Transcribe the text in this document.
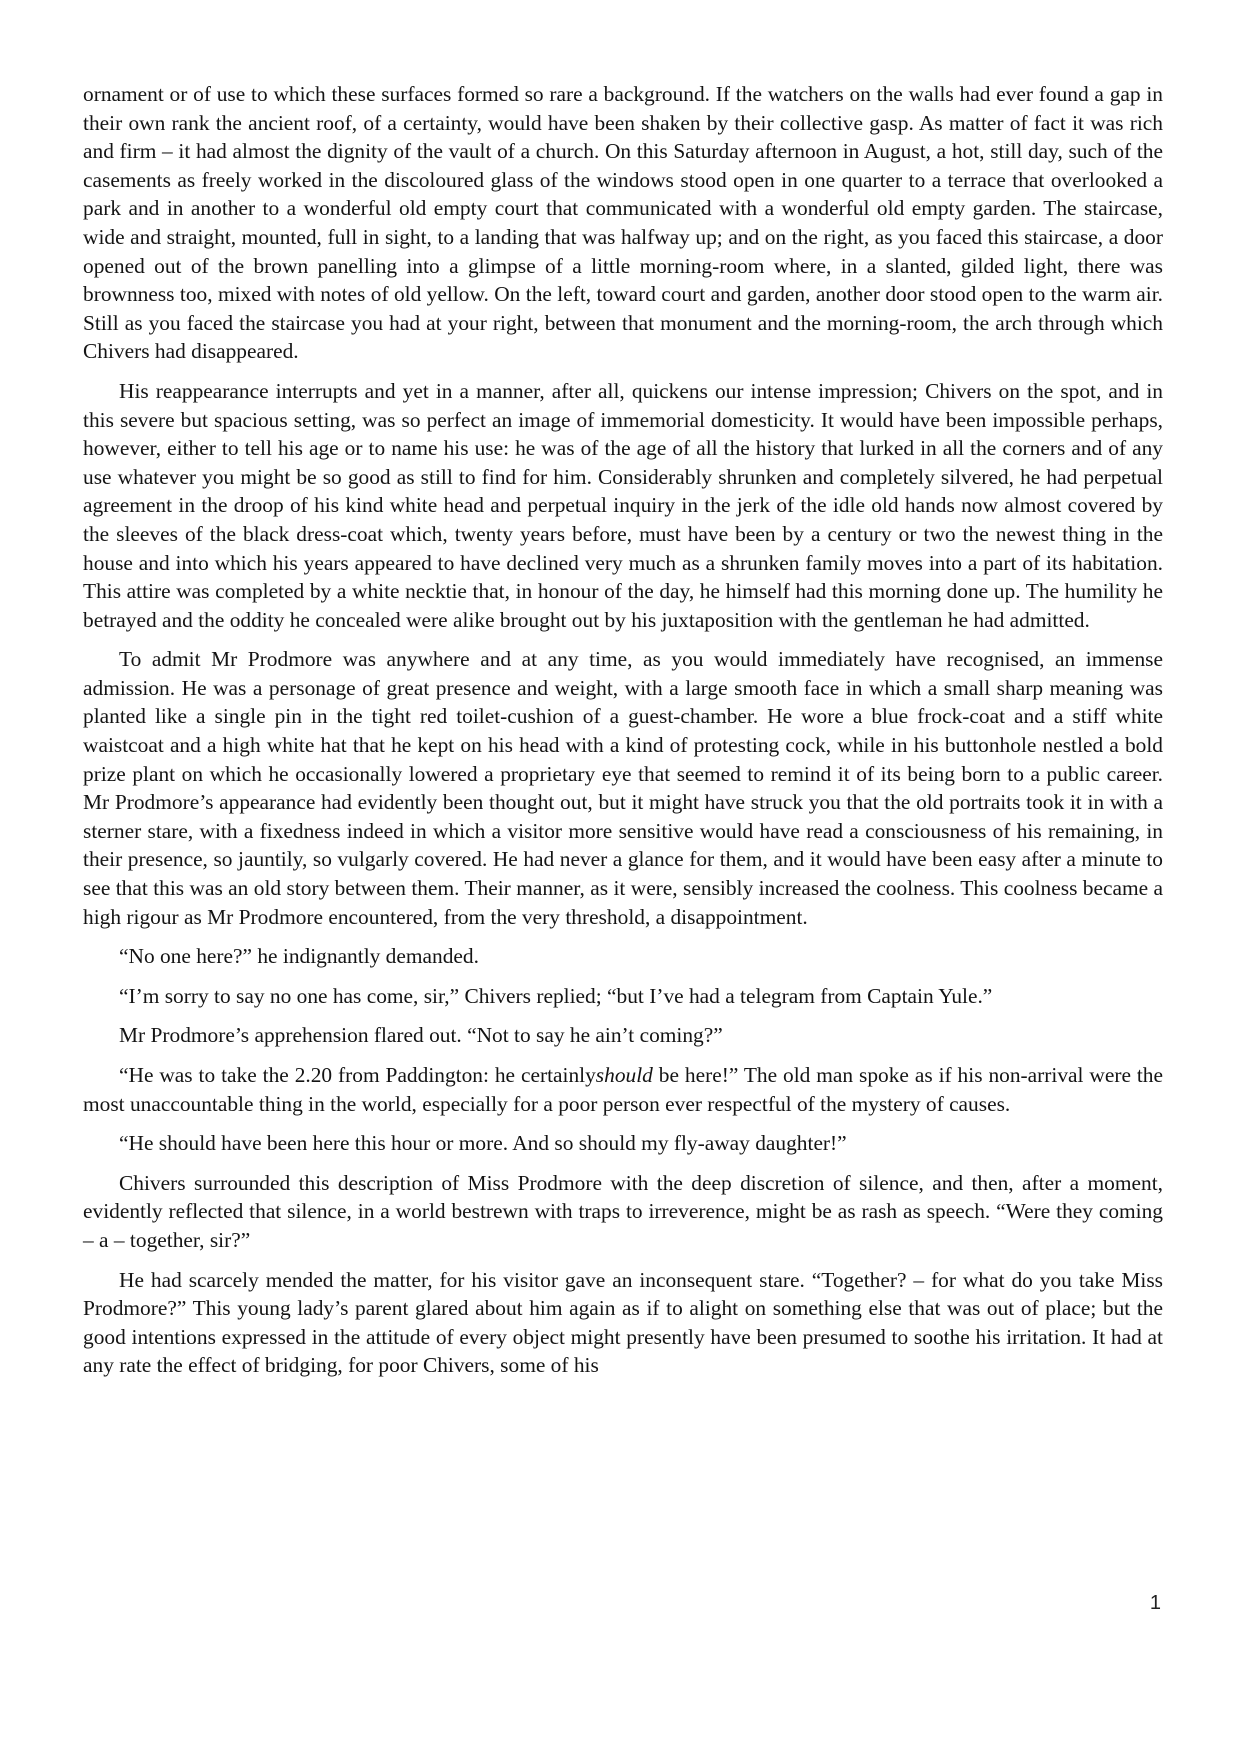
ornament or of use to which these surfaces formed so rare a background. If the watchers on the walls had ever found a gap in their own rank the ancient roof, of a certainty, would have been shaken by their collective gasp. As matter of fact it was rich and firm – it had almost the dignity of the vault of a church. On this Saturday afternoon in August, a hot, still day, such of the casements as freely worked in the discoloured glass of the windows stood open in one quarter to a terrace that overlooked a park and in another to a wonderful old empty court that communicated with a wonderful old empty garden. The staircase, wide and straight, mounted, full in sight, to a landing that was halfway up; and on the right, as you faced this staircase, a door opened out of the brown panelling into a glimpse of a little morning-room where, in a slanted, gilded light, there was brownness too, mixed with notes of old yellow. On the left, toward court and garden, another door stood open to the warm air. Still as you faced the staircase you had at your right, between that monument and the morning-room, the arch through which Chivers had disappeared.

His reappearance interrupts and yet in a manner, after all, quickens our intense impression; Chivers on the spot, and in this severe but spacious setting, was so perfect an image of immemorial domesticity. It would have been impossible perhaps, however, either to tell his age or to name his use: he was of the age of all the history that lurked in all the corners and of any use whatever you might be so good as still to find for him. Considerably shrunken and completely silvered, he had perpetual agreement in the droop of his kind white head and perpetual inquiry in the jerk of the idle old hands now almost covered by the sleeves of the black dress-coat which, twenty years before, must have been by a century or two the newest thing in the house and into which his years appeared to have declined very much as a shrunken family moves into a part of its habitation. This attire was completed by a white necktie that, in honour of the day, he himself had this morning done up. The humility he betrayed and the oddity he concealed were alike brought out by his juxtaposition with the gentleman he had admitted.

To admit Mr Prodmore was anywhere and at any time, as you would immediately have recognised, an immense admission. He was a personage of great presence and weight, with a large smooth face in which a small sharp meaning was planted like a single pin in the tight red toilet-cushion of a guest-chamber. He wore a blue frock-coat and a stiff white waistcoat and a high white hat that he kept on his head with a kind of protesting cock, while in his buttonhole nestled a bold prize plant on which he occasionally lowered a proprietary eye that seemed to remind it of its being born to a public career. Mr Prodmore’s appearance had evidently been thought out, but it might have struck you that the old portraits took it in with a sterner stare, with a fixedness indeed in which a visitor more sensitive would have read a consciousness of his remaining, in their presence, so jauntily, so vulgarly covered. He had never a glance for them, and it would have been easy after a minute to see that this was an old story between them. Their manner, as it were, sensibly increased the coolness. This coolness became a high rigour as Mr Prodmore encountered, from the very threshold, a disappointment.

“No one here?” he indignantly demanded.

“I’m sorry to say no one has come, sir,” Chivers replied; “but I’ve had a telegram from Captain Yule.”

Mr Prodmore’s apprehension flared out. “Not to say he ain’t coming?”

“He was to take the 2.20 from Paddington: he certainlyshould be here!” The old man spoke as if his non-arrival were the most unaccountable thing in the world, especially for a poor person ever respectful of the mystery of causes.

“He should have been here this hour or more. And so should my fly-away daughter!”

Chivers surrounded this description of Miss Prodmore with the deep discretion of silence, and then, after a moment, evidently reflected that silence, in a world bestrewn with traps to irreverence, might be as rash as speech. “Were they coming – a – together, sir?”

He had scarcely mended the matter, for his visitor gave an inconsequent stare. “Together? – for what do you take Miss Prodmore?” This young lady’s parent glared about him again as if to alight on something else that was out of place; but the good intentions expressed in the attitude of every object might presently have been presumed to soothe his irritation. It had at any rate the effect of bridging, for poor Chivers, some of his

1
